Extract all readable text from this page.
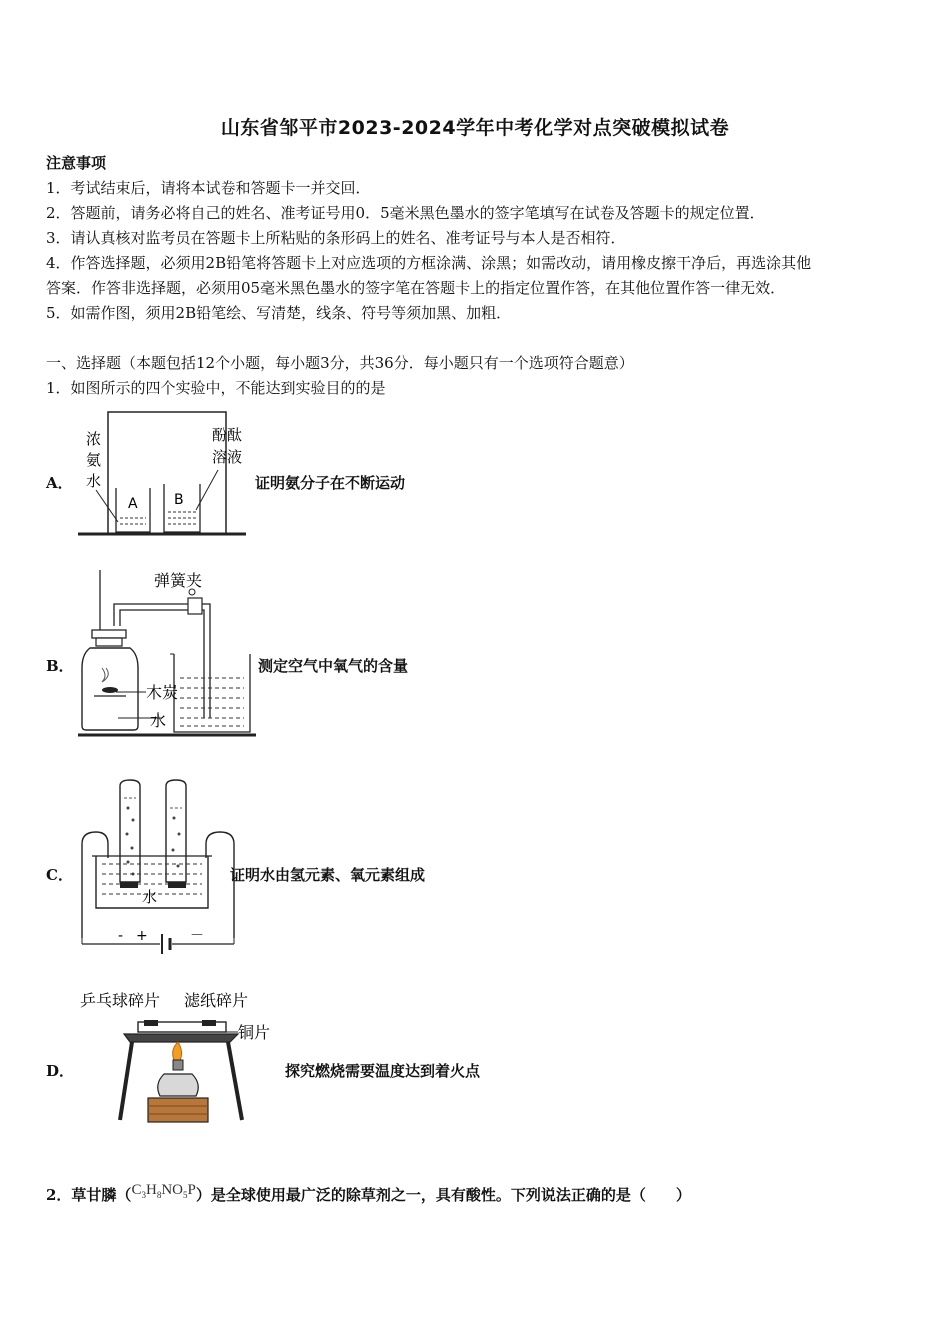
山东省邹平市2023-2024学年中考化学对点突破模拟试卷
注意事项
1．考试结束后，请将本试卷和答题卡一并交回．
2．答题前，请务必将自己的姓名、准考证号用0．5毫米黑色墨水的签字笔填写在试卷及答题卡的规定位置．
3．请认真核对监考员在答题卡上所粘贴的条形码上的姓名、准考证号与本人是否相符．
4．作答选择题，必须用2B铅笔将答题卡上对应选项的方框涂满、涂黑；如需改动，请用橡皮擦干净后，再选涂其他
答案．作答非选择题，必须用05毫米黑色墨水的签字笔在答题卡上的指定位置作答，在其他位置作答一律无效．
5．如需作图，须用2B铅笔绘、写清楚，线条、符号等须加黑、加粗．
一、选择题（本题包括12个小题，每小题3分，共36分．每小题只有一个选项符合题意）
1．如图所示的四个实验中，不能达到实验目的的是
A．
浓
氨
水
酚酞
溶液
A	B
证明氨分子在不断运动
B．
弹簧夹
木炭
水
测定空气中氧气的含量
C．
水
- +	－
证明水由氢元素、氧元素组成
D．
乒乓球碎片 滤纸碎片
铜片
探究燃烧需要温度达到着火点
2．草甘膦$(C_3H_8NO_5P)$是全球使用最广泛的除草剂之一，具有酸性。下列说法正确的是（　　）
